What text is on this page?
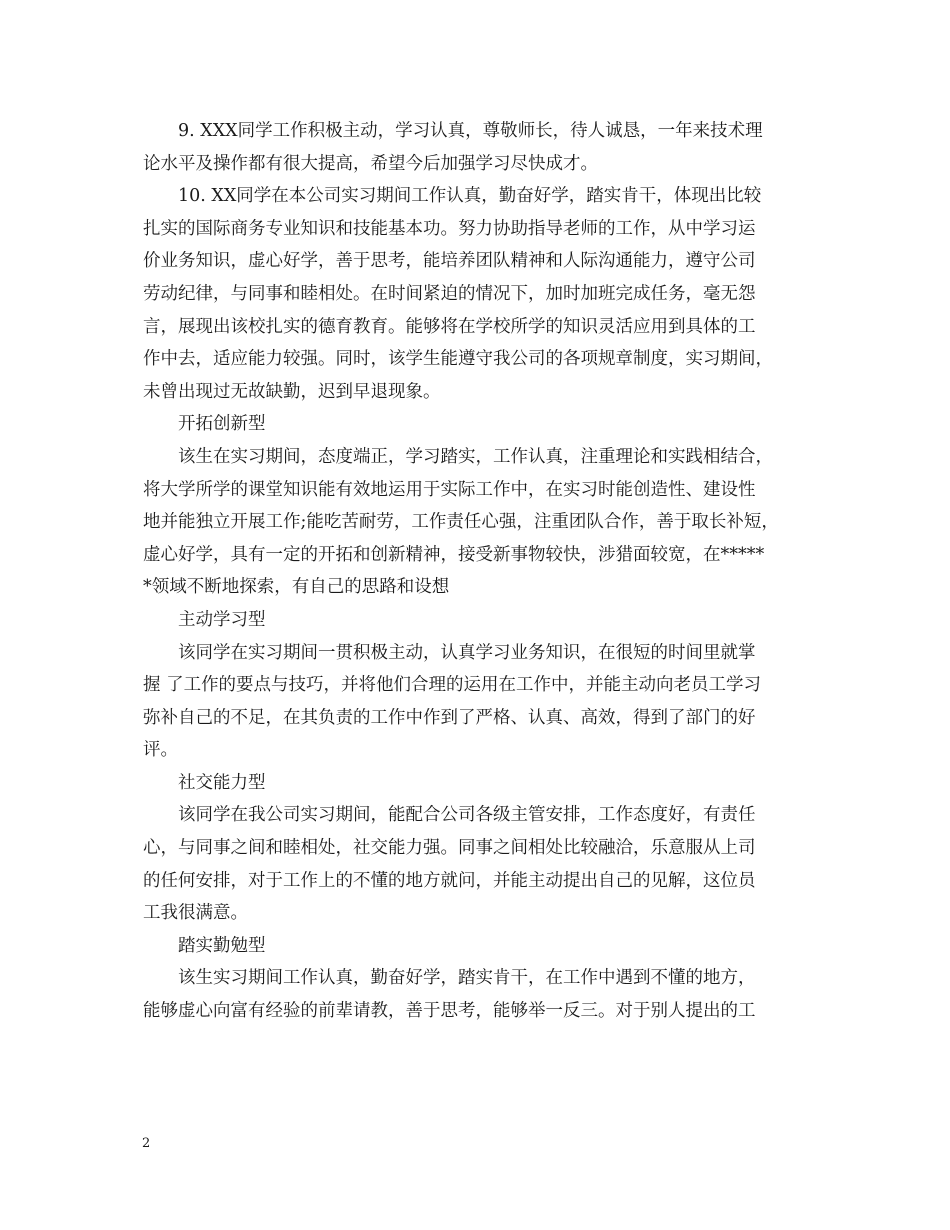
9. XXX同学工作积极主动，学习认真，尊敬师长，待人诚恳，一年来技术理
论水平及操作都有很大提高，希望今后加强学习尽快成才。
10. XX同学在本公司实习期间工作认真，勤奋好学，踏实肯干，体现出比较
扎实的国际商务专业知识和技能基本功。努力协助指导老师的工作，从中学习运
价业务知识，虚心好学，善于思考，能培养团队精神和人际沟通能力，遵守公司
劳动纪律，与同事和睦相处。在时间紧迫的情况下，加时加班完成任务，毫无怨
言，展现出该校扎实的德育教育。能够将在学校所学的知识灵活应用到具体的工
作中去，适应能力较强。同时，该学生能遵守我公司的各项规章制度，实习期间，
未曾出现过无故缺勤，迟到早退现象。
开拓创新型
该生在实习期间，态度端正，学习踏实，工作认真，注重理论和实践相结合，
将大学所学的课堂知识能有效地运用于实际工作中，在实习时能创造性、建设性
地并能独立开展工作;能吃苦耐劳，工作责任心强，注重团队合作，善于取长补短，
虚心好学，具有一定的开拓和创新精神，接受新事物较快，涉猎面较宽，在*****
*领域不断地探索，有自己的思路和设想
主动学习型
该同学在实习期间一贯积极主动，认真学习业务知识，在很短的时间里就掌
握 了工作的要点与技巧，并将他们合理的运用在工作中，并能主动向老员工学习
弥补自己的不足，在其负责的工作中作到了严格、认真、高效，得到了部门的好
评。
社交能力型
该同学在我公司实习期间，能配合公司各级主管安排，工作态度好，有责任
心，与同事之间和睦相处，社交能力强。同事之间相处比较融洽，乐意服从上司
的任何安排，对于工作上的不懂的地方就问，并能主动提出自己的见解，这位员
工我很满意。
踏实勤勉型
该生实习期间工作认真，勤奋好学，踏实肯干，在工作中遇到不懂的地方，
能够虚心向富有经验的前辈请教，善于思考，能够举一反三。对于别人提出的工
2
